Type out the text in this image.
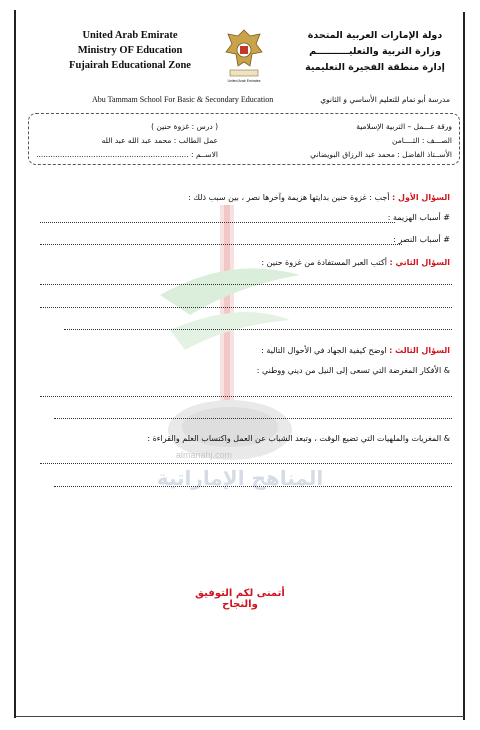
almanahj.com
المناهج الإماراتية
United Arab Emirate
Ministry OF Education
Fujairah Educational Zone
United Arab Emirates
دولة الإمارات العربية المتحدة
وزارة التربية والتعليــــــــــم
إدارة منطقة الفجيرة التعليمية
Abu Tammam School For Basic & Secondary Education	مدرسة أبو تمام للتعليم الأساسي و الثانوي
ورقة عـــمل – التربية الإسلامية
الصـــف : الثــــامن
الأســتاذ الفاضل : محمد عبد الرزاق البويضاني
( درس : غزوة حنين )
عمل الطالب : محمد عبد الله عبد الله
الاســم : ................................................................
السؤال الأول : أجب : غزوة حنين بدايتها هزيمة وآخرها نصر ، بين سبب ذلك :
# أسباب الهزيمة :
# أسباب النصر :
السؤال الثاني : أكتب العبر المستفادة من غزوة حنين :
السؤال الثالث : اوضح كيفية الجهاد في الأحوال التالية :
& الأفكار المغرضة التي تسعى إلى النيل من ديني ووطني :
& المغريات والملهيات التي تضيع الوقت ، وتبعد الشباب عن العمل واكتساب العلم والقراءة :
أتمنى لكم التوفيق والنجاح
